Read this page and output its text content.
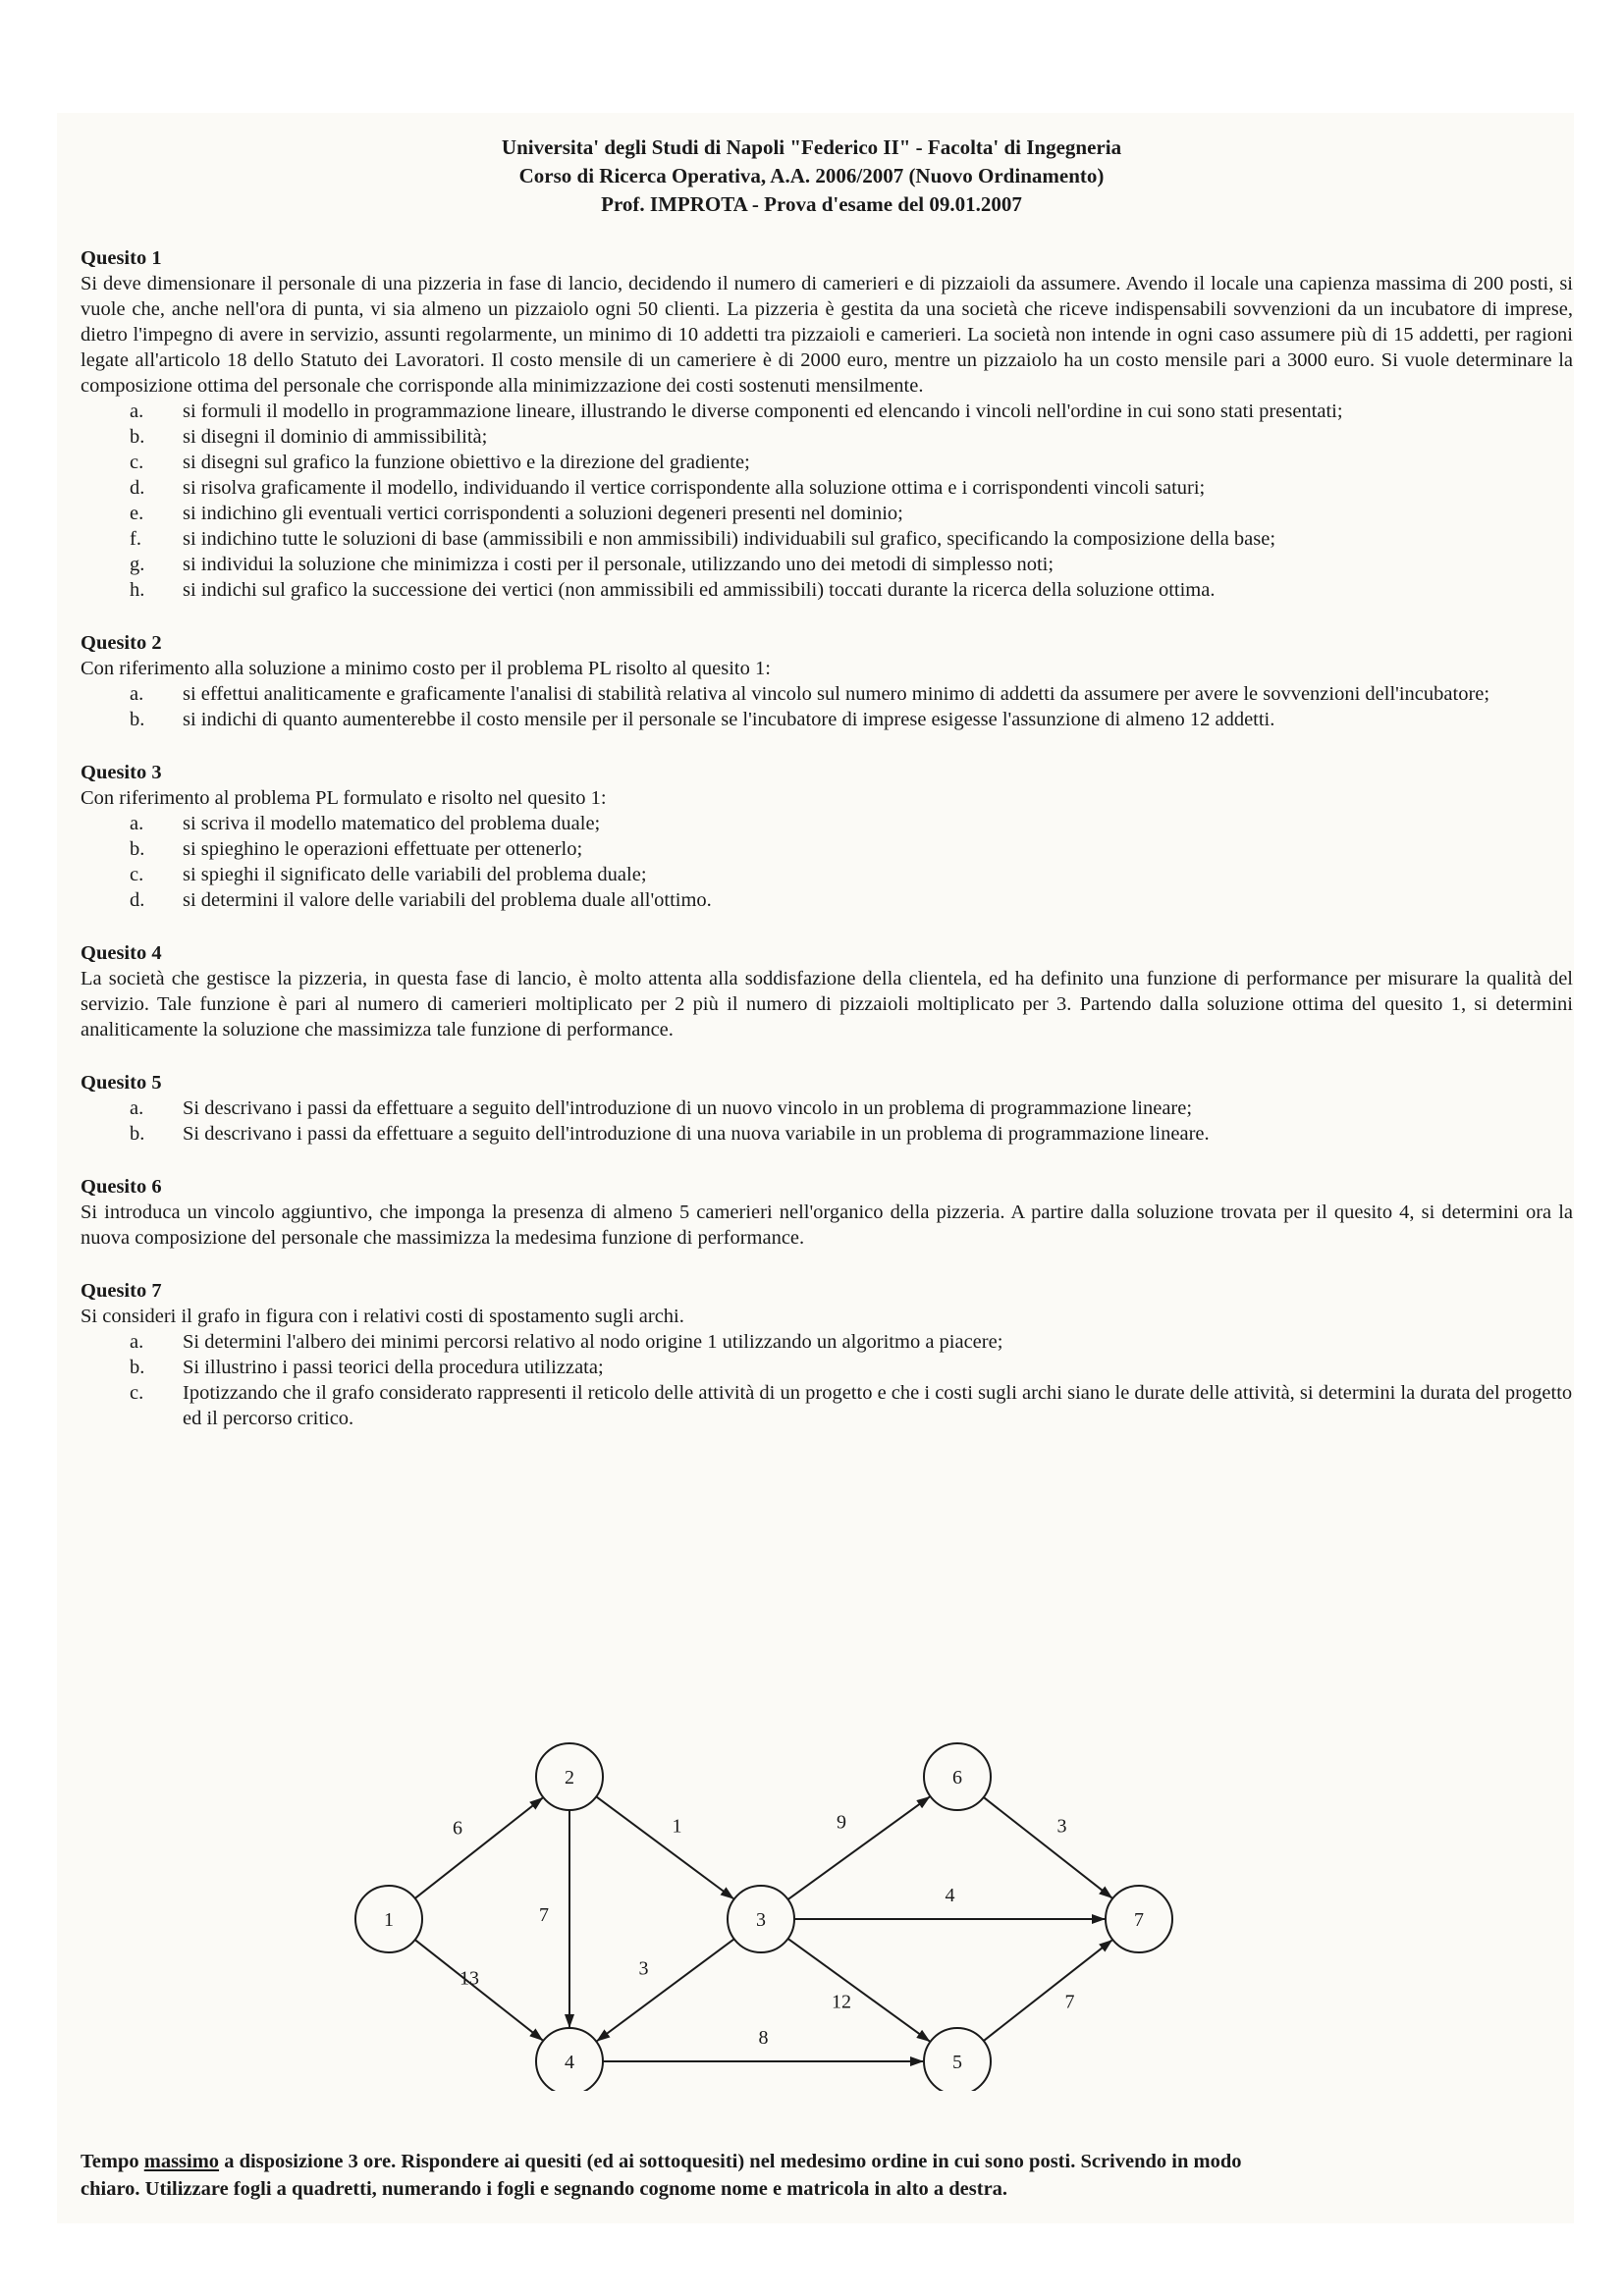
Universita' degli Studi di Napoli "Federico II" - Facolta' di Ingegneria
Corso di Ricerca Operativa, A.A. 2006/2007 (Nuovo Ordinamento)
Prof. IMPROTA - Prova d'esame del 09.01.2007
Quesito 1
Si deve dimensionare il personale di una pizzeria in fase di lancio, decidendo il numero di camerieri e di pizzaioli da assumere. Avendo il locale una capienza massima di 200 posti, si vuole che, anche nell'ora di punta, vi sia almeno un pizzaiolo ogni 50 clienti. La pizzeria è gestita da una società che riceve indispensabili sovvenzioni da un incubatore di imprese, dietro l'impegno di avere in servizio, assunti regolarmente, un minimo di 10 addetti tra pizzaioli e camerieri. La società non intende in ogni caso assumere più di 15 addetti, per ragioni legate all'articolo 18 dello Statuto dei Lavoratori. Il costo mensile di un cameriere è di 2000 euro, mentre un pizzaiolo ha un costo mensile pari a 3000 euro. Si vuole determinare la composizione ottima del personale che corrisponde alla minimizzazione dei costi sostenuti mensilmente.
a.	si formuli il modello in programmazione lineare, illustrando le diverse componenti ed elencando i vincoli nell'ordine in cui sono stati presentati;
b.	si disegni il dominio di ammissibilità;
c.	si disegni sul grafico la funzione obiettivo e la direzione del gradiente;
d.	si risolva graficamente il modello, individuando il vertice corrispondente alla soluzione ottima e i corrispondenti vincoli saturi;
e.	si indichino gli eventuali vertici corrispondenti a soluzioni degeneri presenti nel dominio;
f.	si indichino tutte le soluzioni di base (ammissibili e non ammissibili) individuabili sul grafico, specificando la composizione della base;
g.	si individui la soluzione che minimizza i costi per il personale, utilizzando uno dei metodi di simplesso noti;
h.	si indichi sul grafico la successione dei vertici (non ammissibili ed ammissibili) toccati durante la ricerca della soluzione ottima.
Quesito 2
Con riferimento alla soluzione a minimo costo per il problema PL risolto al quesito 1:
a.	si effettui analiticamente e graficamente l'analisi di stabilità relativa al vincolo sul numero minimo di addetti da assumere per avere le sovvenzioni dell'incubatore;
b.	si indichi di quanto aumenterebbe il costo mensile per il personale se l'incubatore di imprese esigesse l'assunzione di almeno 12 addetti.
Quesito 3
Con riferimento al problema PL formulato e risolto nel quesito 1:
a.	si scriva il modello matematico del problema duale;
b.	si spieghino le operazioni effettuate per ottenerlo;
c.	si spieghi il significato delle variabili del problema duale;
d.	si determini il valore delle variabili del problema duale all'ottimo.
Quesito 4
La società che gestisce la pizzeria, in questa fase di lancio, è molto attenta alla soddisfazione della clientela, ed ha definito una funzione di performance per misurare la qualità del servizio. Tale funzione è pari al numero di camerieri moltiplicato per 2 più il numero di pizzaioli moltiplicato per 3. Partendo dalla soluzione ottima del quesito 1, si determini analiticamente la soluzione che massimizza tale funzione di performance.
Quesito 5
a.	Si descrivano i passi da effettuare a seguito dell'introduzione di un nuovo vincolo in un problema di programmazione lineare;
b.	Si descrivano i passi da effettuare a seguito dell'introduzione di una nuova variabile in un problema di programmazione lineare.
Quesito 6
Si introduca un vincolo aggiuntivo, che imponga la presenza di almeno 5 camerieri nell'organico della pizzeria. A partire dalla soluzione trovata per il quesito 4, si determini ora la nuova composizione del personale che massimizza la medesima funzione di performance.
Quesito 7
Si consideri il grafo in figura con i relativi costi di spostamento sugli archi.
a.	Si determini l'albero dei minimi percorsi relativo al nodo origine 1 utilizzando un algoritmo a piacere;
b.	Si illustrino i passi teorici della procedura utilizzata;
c.	Ipotizzando che il grafo considerato rappresenti il reticolo delle attività di un progetto e che i costi sugli archi siano le durate delle attività, si determini la durata del progetto ed il percorso critico.
6
13
1
7
3
9
4
12
8
3
7
1
2
3
4	5
6
7
Tempo massimo a disposizione 3 ore. Rispondere ai quesiti (ed ai sottoquesiti) nel medesimo ordine in cui sono posti. Scrivendo in modo
chiaro. Utilizzare fogli a quadretti, numerando i fogli e segnando cognome nome e matricola in alto a destra.
